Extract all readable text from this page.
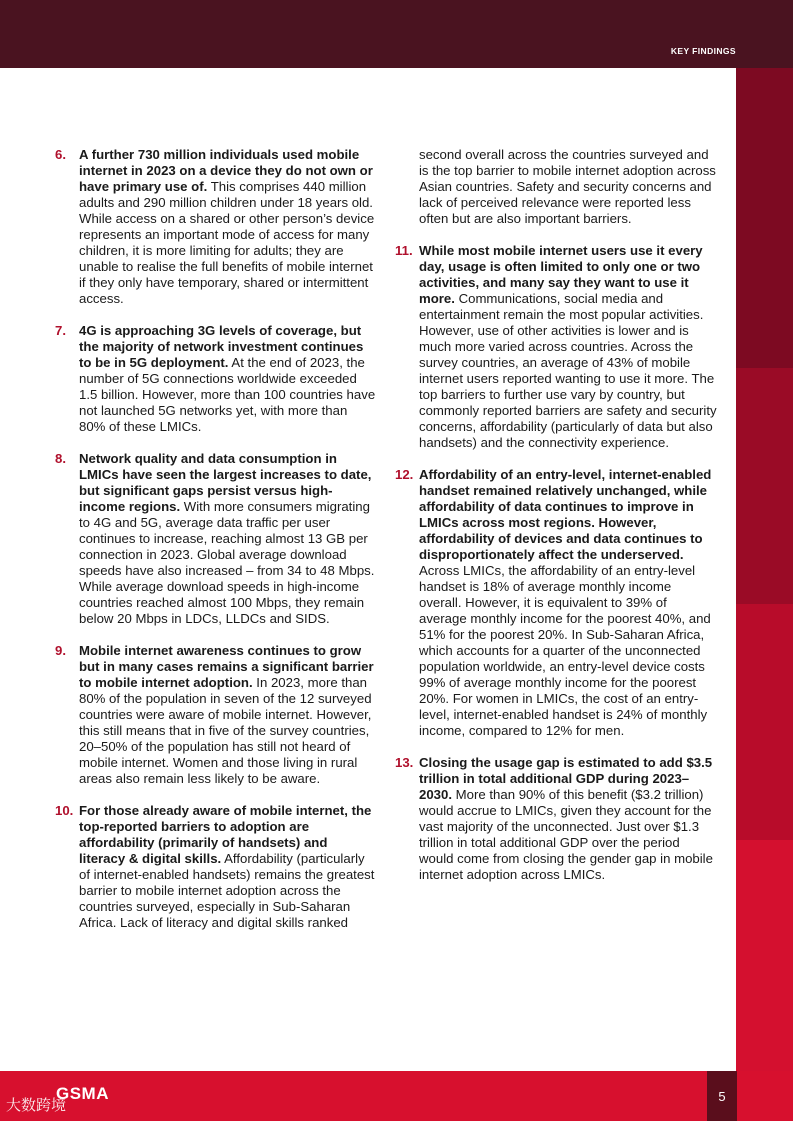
KEY FINDINGS
6. A further 730 million individuals used mobile internet in 2023 on a device they do not own or have primary use of. This comprises 440 million adults and 290 million children under 18 years old. While access on a shared or other person’s device represents an important mode of access for many children, it is more limiting for adults; they are unable to realise the full benefits of mobile internet if they only have temporary, shared or intermittent access.
7. 4G is approaching 3G levels of coverage, but the majority of network investment continues to be in 5G deployment. At the end of 2023, the number of 5G connections worldwide exceeded 1.5 billion. However, more than 100 countries have not launched 5G networks yet, with more than 80% of these LMICs.
8. Network quality and data consumption in LMICs have seen the largest increases to date, but significant gaps persist versus high-income regions. With more consumers migrating to 4G and 5G, average data traffic per user continues to increase, reaching almost 13 GB per connection in 2023. Global average download speeds have also increased – from 34 to 48 Mbps. While average download speeds in high-income countries reached almost 100 Mbps, they remain below 20 Mbps in LDCs, LLDCs and SIDS.
9. Mobile internet awareness continues to grow but in many cases remains a significant barrier to mobile internet adoption. In 2023, more than 80% of the population in seven of the 12 surveyed countries were aware of mobile internet. However, this still means that in five of the survey countries, 20–50% of the population has still not heard of mobile internet. Women and those living in rural areas also remain less likely to be aware.
10. For those already aware of mobile internet, the top-reported barriers to adoption are affordability (primarily of handsets) and literacy & digital skills. Affordability (particularly of internet-enabled handsets) remains the greatest barrier to mobile internet adoption across the countries surveyed, especially in Sub-Saharan Africa. Lack of literacy and digital skills ranked
second overall across the countries surveyed and is the top barrier to mobile internet adoption across Asian countries. Safety and security concerns and lack of perceived relevance were reported less often but are also important barriers.
11. While most mobile internet users use it every day, usage is often limited to only one or two activities, and many say they want to use it more. Communications, social media and entertainment remain the most popular activities. However, use of other activities is lower and is much more varied across countries. Across the survey countries, an average of 43% of mobile internet users reported wanting to use it more. The top barriers to further use vary by country, but commonly reported barriers are safety and security concerns, affordability (particularly of data but also handsets) and the connectivity experience.
12. Affordability of an entry-level, internet-enabled handset remained relatively unchanged, while affordability of data continues to improve in LMICs across most regions. However, affordability of devices and data continues to disproportionately affect the underserved. Across LMICs, the affordability of an entry-level handset is 18% of average monthly income overall. However, it is equivalent to 39% of average monthly income for the poorest 40%, and 51% for the poorest 20%. In Sub-Saharan Africa, which accounts for a quarter of the unconnected population worldwide, an entry-level device costs 99% of average monthly income for the poorest 20%. For women in LMICs, the cost of an entry-level, internet-enabled handset is 24% of monthly income, compared to 12% for men.
13. Closing the usage gap is estimated to add $3.5 trillion in total additional GDP during 2023–2030. More than 90% of this benefit ($3.2 trillion) would accrue to LMICs, given they account for the vast majority of the unconnected. Just over $1.3 trillion in total additional GDP over the period would come from closing the gender gap in mobile internet adoption across LMICs.
5
GSMA
大数跨境
